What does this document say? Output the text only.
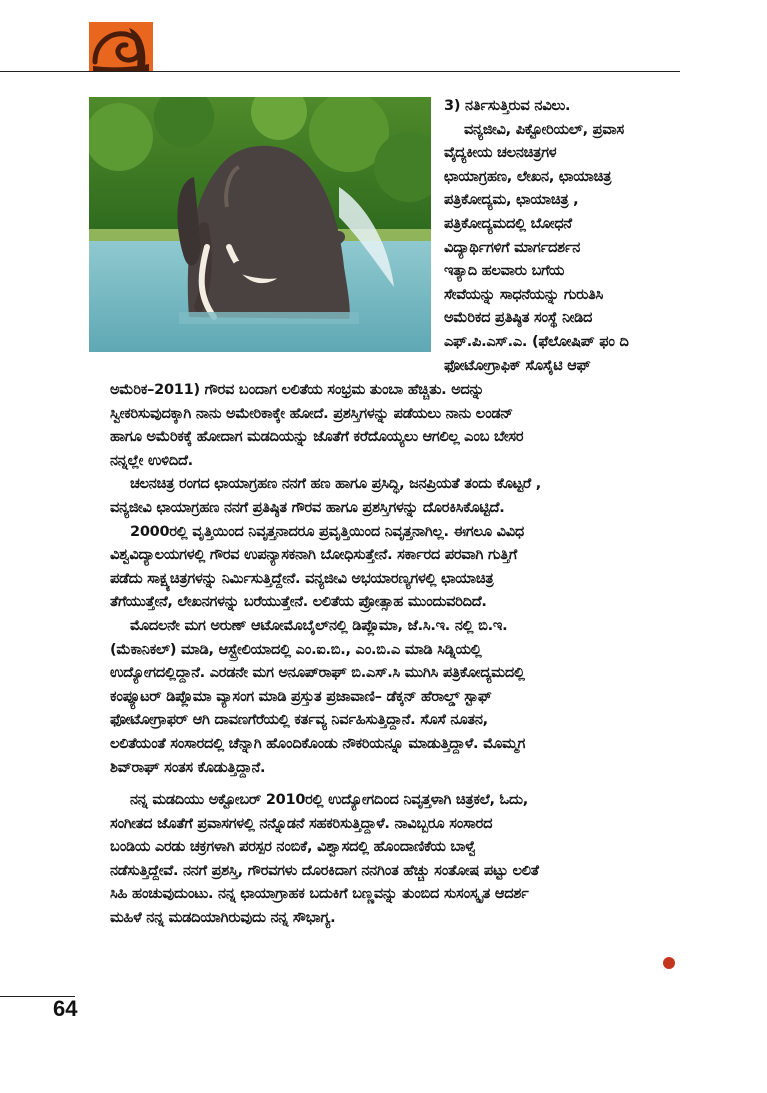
3) ನರ್ತಿಸುತ್ತಿರುವ ನವಿಲು.

ವನ್ಯಜೀವಿ, ಪಿಕ್ಟೋರಿಯಲ್, ಪ್ರವಾಸ

ವೈದ್ಯಕೀಯ ಚಲನಚಿತ್ರಗಳ

ಛಾಯಾಗ್ರಹಣ, ಲೇಖನ, ಛಾಯಾಚಿತ್ರ

ಪತ್ರಿಕೋದ್ಯಮ, ಛಾಯಾಚಿತ್ರ ,

ಪತ್ರಿಕೋದ್ಯಮದಲ್ಲಿ ಬೋಧನೆ

ವಿದ್ಯಾರ್ಥಿಗಳಿಗೆ ಮಾರ್ಗದರ್ಶನ

ಇತ್ಯಾದಿ ಹಲವಾರು ಬಗೆಯ

ಸೇವೆಯನ್ನು ಸಾಧನೆಯನ್ನು ಗುರುತಿಸಿ

ಅಮೆರಿಕದ ಪ್ರತಿಷ್ಠಿತ ಸಂಸ್ಥೆ ನೀಡಿದ

ಎಫ್.ಪಿ.ಎಸ್.ಎ. (ಫೆಲೋಷಿಪ್ ಫಂ ದಿ

ಫೋಟೋಗ್ರಾಫಿಕ್ ಸೊಸೈಟಿ ಆಫ್

ಅಮೆರಿಕ–2011) ಗೌರವ ಬಂದಾಗ ಲಲಿತೆಯ ಸಂಭ್ರಮ ತುಂಬಾ ಹೆಚ್ಚಿತು. ಅದನ್ನು

ಸ್ವೀಕರಿಸುವುದಕ್ಕಾಗಿ ನಾನು ಅಮೇರಿಕಾಕ್ಕೇ ಹೋದೆ. ಪ್ರಶಸ್ತಿಗಳನ್ನು ಪಡೆಯಲು ನಾನು ಲಂಡನ್

ಹಾಗೂ ಅಮೆರಿಕಕ್ಕೆ ಹೋದಾಗ ಮಡದಿಯನ್ನು ಜೊತೆಗೆ ಕರೆದೊಯ್ಯಲು ಆಗಲಿಲ್ಲ ಎಂಬ ಬೇಸರ

ನನ್ನಲ್ಲೇ ಉಳಿದಿದೆ.

ಚಲನಚಿತ್ರ ರಂಗದ ಛಾಯಾಗ್ರಹಣ ನನಗೆ ಹಣ ಹಾಗೂ ಪ್ರಸಿದ್ಧಿ, ಜನಪ್ರಿಯತೆ ತಂದು ಕೊಟ್ಟರೆ ,

ವನ್ಯಜೀವಿ ಛಾಯಾಗ್ರಹಣ ನನಗೆ ಪ್ರತಿಷ್ಠಿತ ಗೌರವ ಹಾಗೂ ಪ್ರಶಸ್ತಿಗಳನ್ನು ದೊರಕಿಸಿಕೊಟ್ಟಿದೆ.

2000ರಲ್ಲಿ ವೃತ್ತಿಯಿಂದ ನಿವೃತ್ತನಾದರೂ ಪ್ರವೃತ್ತಿಯಿಂದ ನಿವೃತ್ತನಾಗಿಲ್ಲ. ಈಗಲೂ ವಿವಿಧ

ವಿಶ್ವವಿದ್ಯಾಲಯಗಳಲ್ಲಿ ಗೌರವ ಉಪನ್ಯಾಸಕನಾಗಿ ಬೋಧಿಸುತ್ತೇನೆ. ಸರ್ಕಾರದ ಪರವಾಗಿ ಗುತ್ತಿಗೆ

ಪಡೆದು ಸಾಕ್ಷ್ಯಚಿತ್ರಗಳನ್ನು ನಿರ್ಮಿಸುತ್ತಿದ್ದೇನೆ. ವನ್ಯಜೀವಿ ಅಭಯಾರಣ್ಯಗಳಲ್ಲಿ ಛಾಯಾಚಿತ್ರ

ತೆಗೆಯುತ್ತೇನೆ, ಲೇಖನಗಳನ್ನು ಬರೆಯುತ್ತೇನೆ. ಲಲಿತೆಯ ಪ್ರೋತ್ಸಾಹ ಮುಂದುವರಿದಿದೆ.

ಮೊದಲನೇ ಮಗ ಅರುಣ್ ಆಟೋಮೊಬೈಲ್‌ನಲ್ಲಿ ಡಿಪ್ಲೊಮಾ, ಜೆ.ಸಿ.ಇ. ನಲ್ಲಿ ಬಿ.ಇ.

(ಮೆಕಾನಿಕಲ್) ಮಾಡಿ, ಆಸ್ಟ್ರೇಲಿಯಾದಲ್ಲಿ ಎಂ.ಐ.ಬಿ., ಎಂ.ಬಿ.ಎ ಮಾಡಿ ಸಿಡ್ನಿಯಲ್ಲಿ

ಉದ್ಯೋಗದಲ್ಲಿದ್ದಾನೆ. ಎರಡನೇ ಮಗ ಅನೂಪ್‌ರಾಘ್ ಬಿ.ಎಸ್.ಸಿ ಮುಗಿಸಿ ಪತ್ರಿಕೋದ್ಯಮದಲ್ಲಿ

ಕಂಪ್ಯೂಟರ್ ಡಿಪ್ಲೊಮಾ ವ್ಯಾಸಂಗ ಮಾಡಿ ಪ್ರಸ್ತುತ ಪ್ರಜಾವಾಣಿ– ಡೆಕ್ಕನ್ ಹೆರಾಲ್ಡ್ ಸ್ಟಾಫ್

ಫೋಟೋಗ್ರಾಫರ್ ಆಗಿ ದಾವಣಗೆರೆಯಲ್ಲಿ ಕರ್ತವ್ಯ ನಿರ್ವಹಿಸುತ್ತಿದ್ದಾನೆ. ಸೊಸೆ ನೂತನ,

ಲಲಿತೆಯಂತೆ ಸಂಸಾರದಲ್ಲಿ ಚೆನ್ನಾಗಿ ಹೊಂದಿಕೊಂಡು ನೌಕರಿಯನ್ನೂ ಮಾಡುತ್ತಿದ್ದಾಳೆ. ಮೊಮ್ಮಗ

ಶಿವ್‌ರಾಘ್ ಸಂತಸ ಕೊಡುತ್ತಿದ್ದಾನೆ.

ನನ್ನ ಮಡದಿಯು ಅಕ್ಟೋಬರ್ 2010ರಲ್ಲಿ ಉದ್ಯೋಗದಿಂದ ನಿವೃತ್ತಳಾಗಿ ಚಿತ್ರಕಲೆ, ಓದು,

ಸಂಗೀತದ ಜೊತೆಗೆ ಪ್ರವಾಸಗಳಲ್ಲಿ ನನ್ನೊಡನೆ ಸಹಕರಿಸುತ್ತಿದ್ದಾಳೆ. ನಾವಿಬ್ಬರೂ ಸಂಸಾರದ

ಬಂಡಿಯ ಎರಡು ಚಕ್ರಗಳಾಗಿ ಪರಸ್ಪರ ನಂಬಿಕೆ, ವಿಶ್ವಾಸದಲ್ಲಿ ಹೊಂದಾಣಿಕೆಯ ಬಾಳ್ವೆ

ನಡೆಸುತ್ತಿದ್ದೇವೆ. ನನಗೆ ಪ್ರಶಸ್ತಿ, ಗೌರವಗಳು ದೊರಕಿದಾಗ ನನಗಿಂತ ಹೆಚ್ಚು ಸಂತೋಷ ಪಟ್ಟು ಲಲಿತೆ

ಸಿಹಿ ಹಂಚುವುದುಂಟು. ನನ್ನ ಛಾಯಾಗ್ರಾಹಕ ಬದುಕಿಗೆ ಬಣ್ಣವನ್ನು ತುಂಬಿದ ಸುಸಂಸ್ಕೃತ ಆದರ್ಶ

ಮಹಿಳೆ ನನ್ನ ಮಡದಿಯಾಗಿರುವುದು ನನ್ನ ಸೌಭಾಗ್ಯ.

64
